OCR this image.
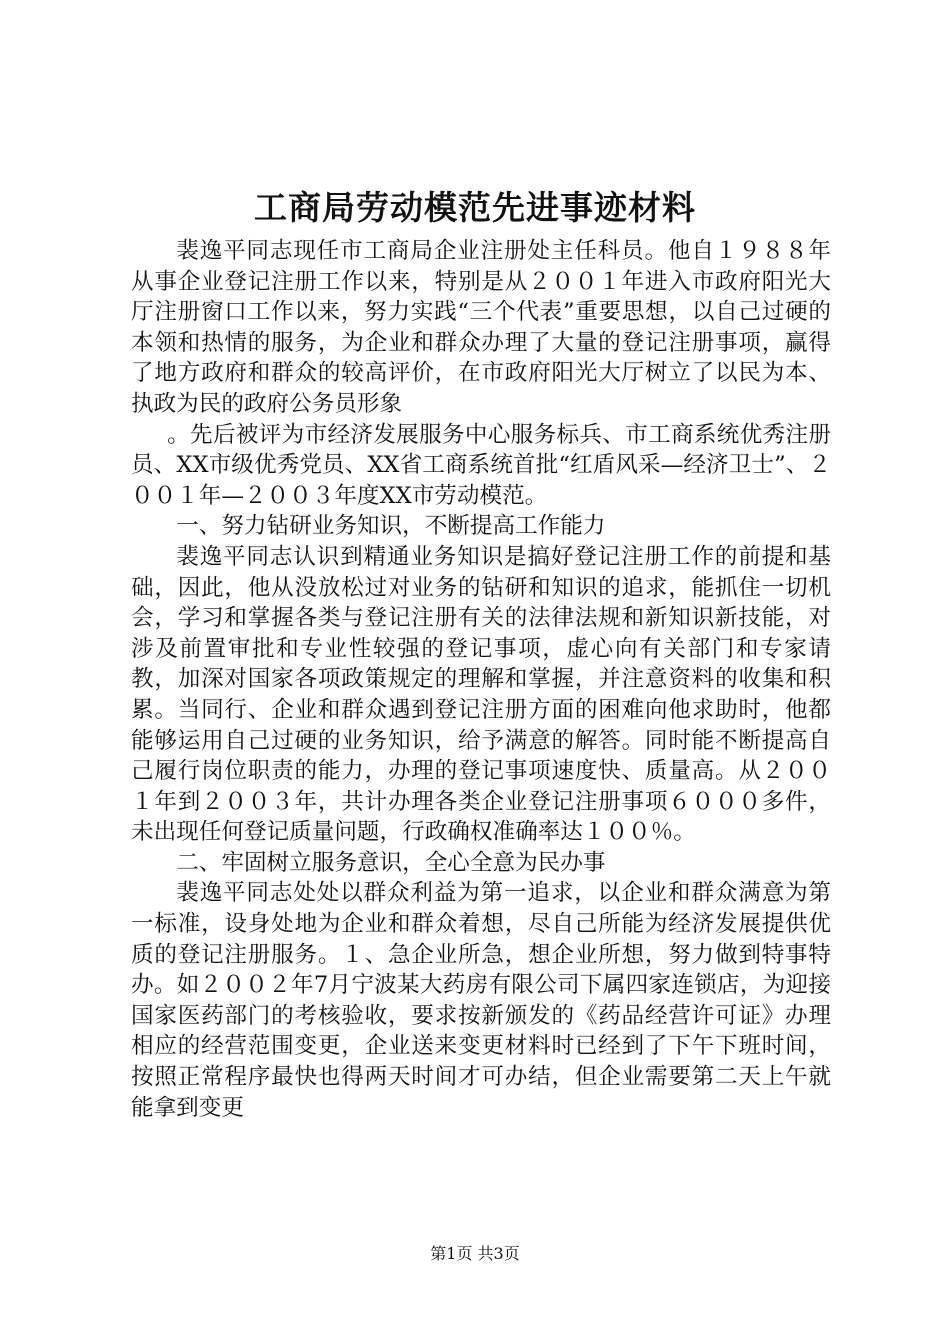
工商局劳动模范先进事迹材料

裴逸平同志现任市工商局企业注册处主任科员。他自１９８８年从事企业登记注册工作以来，特别是从２００１年进入市政府阳光大厅注册窗口工作以来，努力实践“三个代表”重要思想，以自己过硬的本领和热情的服务，为企业和群众办理了大量的登记注册事项，赢得了地方政府和群众的较高评价，在市政府阳光大厅树立了以民为本、执政为民的政府公务员形象

。先后被评为市经济发展服务中心服务标兵、市工商系统优秀注册员、XX市级优秀党员、XX省工商系统首批“红盾风采—经济卫士”、２００１年—２００３年度XX市劳动模范。

一、努力钻研业务知识，不断提高工作能力

裴逸平同志认识到精通业务知识是搞好登记注册工作的前提和基础，因此，他从没放松过对业务的钻研和知识的追求，能抓住一切机会，学习和掌握各类与登记注册有关的法律法规和新知识新技能，对涉及前置审批和专业性较强的登记事项，虚心向有关部门和专家请教，加深对国家各项政策规定的理解和掌握，并注意资料的收集和积累。当同行、企业和群众遇到登记注册方面的困难向他求助时，他都能够运用自己过硬的业务知识，给予满意的解答。同时能不断提高自己履行岗位职责的能力，办理的登记事项速度快、质量高。从２００１年到２００３年，共计办理各类企业登记注册事项６０００多件，未出现任何登记质量问题，行政确权准确率达１００％。

二、牢固树立服务意识，全心全意为民办事

裴逸平同志处处以群众利益为第一追求，以企业和群众满意为第一标准，设身处地为企业和群众着想，尽自己所能为经济发展提供优质的登记注册服务。１、急企业所急，想企业所想，努力做到特事特办。如２００２年7月宁波某大药房有限公司下属四家连锁店，为迎接国家医药部门的考核验收，要求按新颁发的《药品经营许可证》办理相应的经营范围变更，企业送来变更材料时已经到了下午下班时间，按照正常程序最快也得两天时间才可办结，但企业需要第二天上午就能拿到变更

第1页 共3页
